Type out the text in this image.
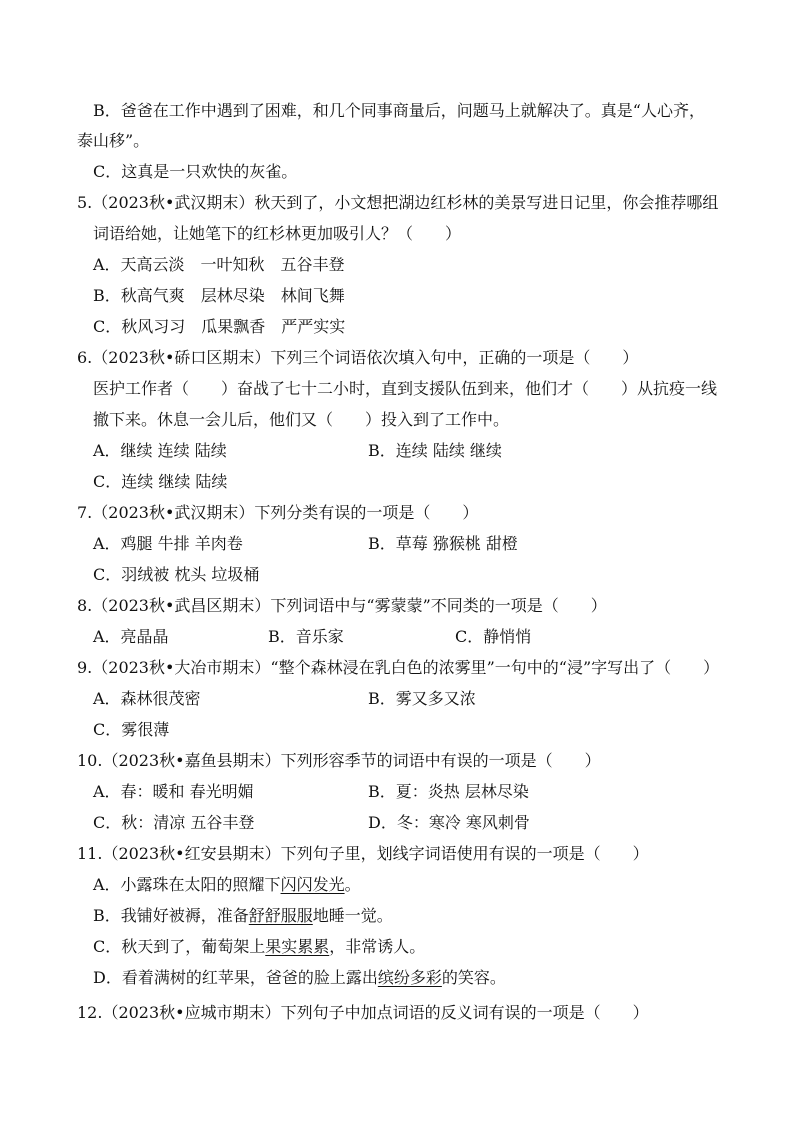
B．爸爸在工作中遇到了困难，和几个同事商量后，问题马上就解决了。真是“人心齐，
泰山移”。
C．这真是一只欢快的灰雀。
5.（2023秋•武汉期末）秋天到了，小文想把湖边红杉林的美景写进日记里，你会推荐哪组
词语给她，让她笔下的红杉林更加吸引人？（　　）
A．天高云淡　一叶知秋　五谷丰登
B．秋高气爽　层林尽染　林间飞舞
C．秋风习习　瓜果飘香　严严实实
6.（2023秋•硚口区期末）下列三个词语依次填入句中，正确的一项是（　　）
医护工作者（　　）奋战了七十二小时，直到支援队伍到来，他们才（　　）从抗疫一线
撤下来。休息一会儿后，他们又（　　）投入到了工作中。
A．继续 连续 陆续	B．连续 陆续 继续
C．连续 继续 陆续
7.（2023秋•武汉期末）下列分类有误的一项是（　　）
A．鸡腿 牛排 羊肉卷	B．草莓 猕猴桃 甜橙
C．羽绒被 枕头 垃圾桶
8.（2023秋•武昌区期末）下列词语中与“雾蒙蒙”不同类的一项是（　　）
A．亮晶晶	B．音乐家	C．静悄悄
9.（2023秋•大冶市期末）“整个森林浸在乳白色的浓雾里”一句中的“浸”字写出了（　　）
A．森林很茂密	B．雾又多又浓
C．雾很薄
10.（2023秋•嘉鱼县期末）下列形容季节的词语中有误的一项是（　　）
A．春：暖和 春光明媚	B．夏：炎热 层林尽染
C．秋：清凉 五谷丰登	D．冬：寒冷 寒风刺骨
11.（2023秋•红安县期末）下列句子里，划线字词语使用有误的一项是（　　）
A．小露珠在太阳的照耀下闪闪发光。
B．我铺好被褥，准备舒舒服服地睡一觉。
C．秋天到了，葡萄架上果实累累，非常诱人。
D．看着满树的红苹果，爸爸的脸上露出缤纷多彩的笑容。
12.（2023秋•应城市期末）下列句子中加点词语的反义词有误的一项是（　　）
